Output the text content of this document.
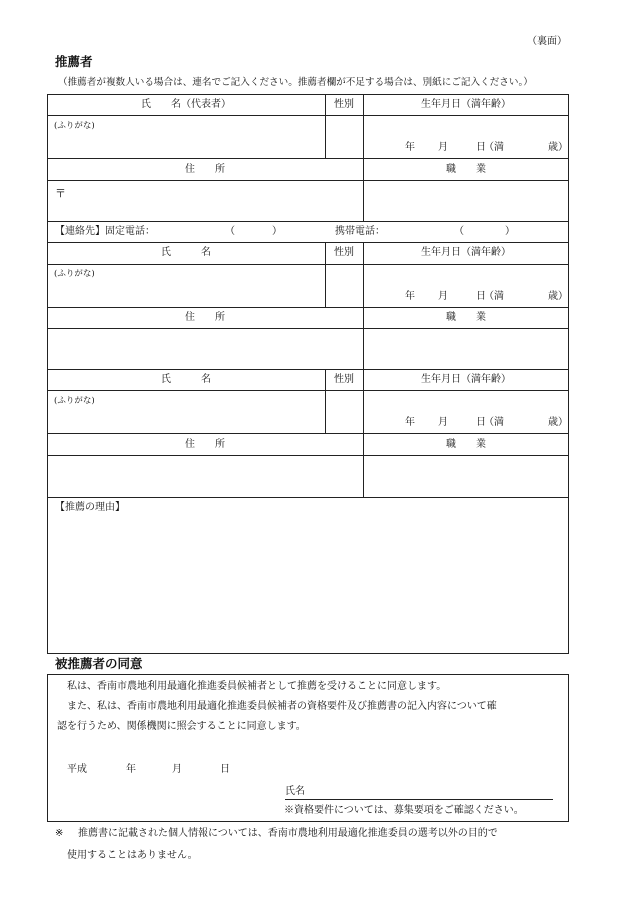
（裏面）
推薦者
（推薦者が複数人いる場合は、連名でご記入ください。推薦者欄が不足する場合は、別紙にご記入ください。）
氏　　名（代表者）	性別	生年月日（満年齢）
(ふりがな)
年 月	日
（満	歳）
住　　所	職　　業
〒
【連絡先】固定電話：	（	）	携帯電話：	（	）
氏　　　名	性別	生年月日（満年齢）
(ふりがな)
年 月	日
（満	歳）
住　　所	職　　業
氏　　　名	性別	生年月日（満年齢）
(ふりがな)
年 月	日
（満	歳）
住　　所	職　　業
【推薦の理由】
被推薦者の同意
私は、香南市農地利用最適化推進委員候補者として推薦を受けることに同意します。
また、私は、香南市農地利用最適化推進委員候補者の資格要件及び推薦書の記入内容について確
認を行うため、関係機関に照会することに同意します。
平成	年	月	日
氏名
※資格要件については、募集要項をご確認ください。
※ 推薦書に記載された個人情報については、香南市農地利用最適化推進委員の選考以外の目的で
使用することはありません。
